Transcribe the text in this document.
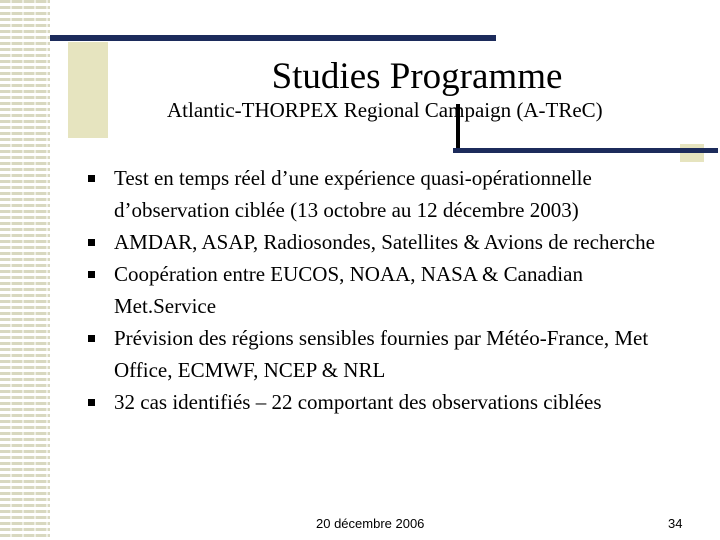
Studies Programme
Atlantic-THORPEX Regional Campaign (A-TReC)
Test en temps réel d’une expérience quasi-opérationnelle d’observation ciblée (13 octobre au 12 décembre 2003)
AMDAR, ASAP, Radiosondes, Satellites & Avions de recherche
Coopération entre EUCOS, NOAA, NASA & Canadian Met.Service
Prévision des régions sensibles fournies par Météo-France, Met Office, ECMWF, NCEP & NRL
32 cas identifiés – 22 comportant des observations ciblées
20 décembre 2006	34
